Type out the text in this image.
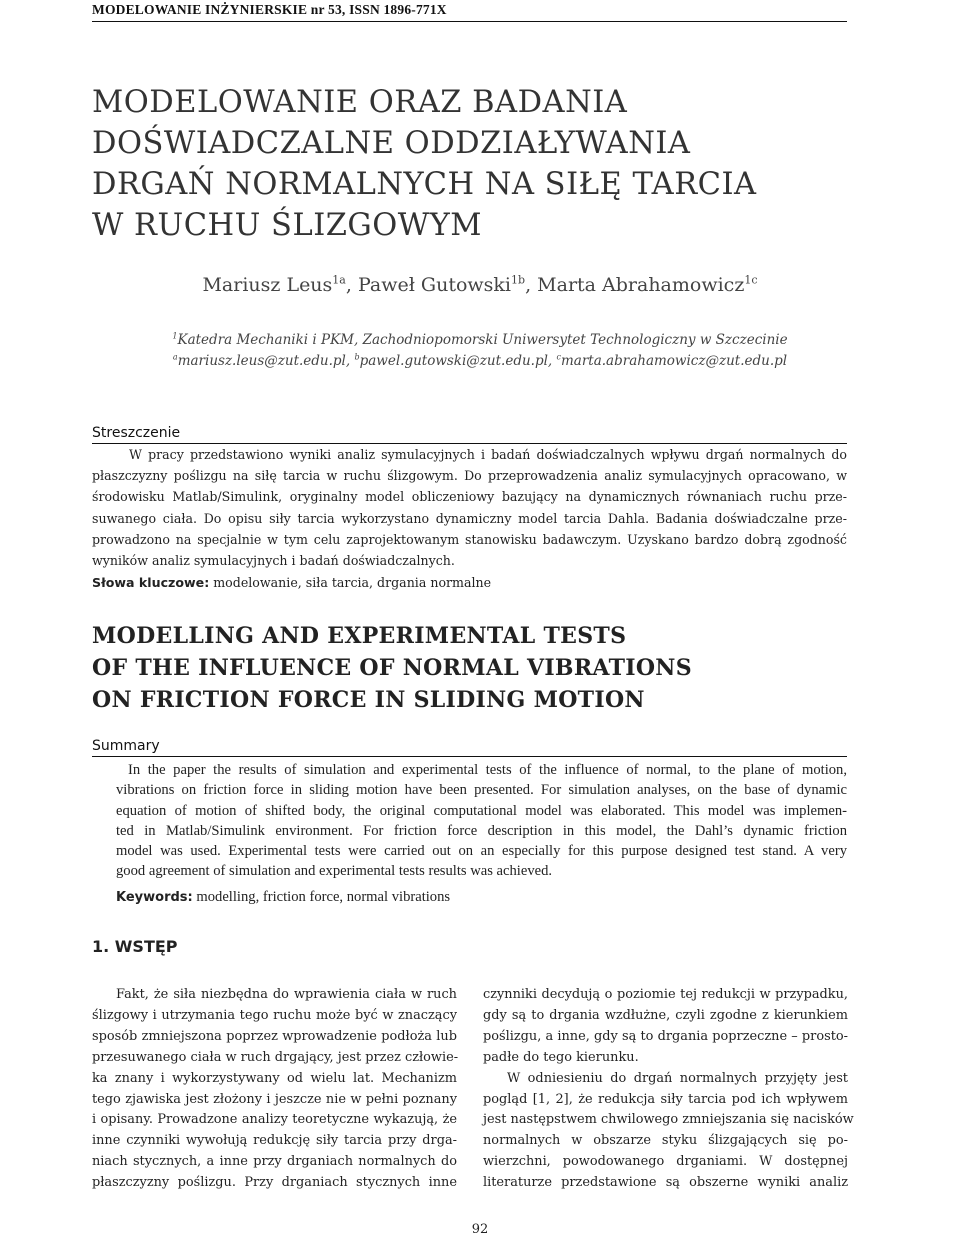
MODELOWANIE INŻYNIERSKIE nr 53, ISSN 1896-771X
MODELOWANIE ORAZ BADANIA
DOŚWIADCZALNE ODDZIAŁYWANIA
DRGAŃ NORMALNYCH NA SIŁĘ TARCIA
W RUCHU ŚLIZGOWYM
Mariusz Leus$^{1a}$, Paweł Gutowski$^{1b}$, Marta Abrahamowicz$^{1c}$
$^1$Katedra Mechaniki i PKM, Zachodniopomorski Uniwersytet Technologiczny w Szczecinie
$^a$mariusz.leus@zut.edu.pl, $^b$pawel.gutowski@zut.edu.pl, $^c$marta.abrahamowicz@zut.edu.pl
Streszczenie
W pracy przedstawiono wyniki analiz symulacyjnych i badań doświadczalnych wpływu drgań normalnych do
płaszczyzny poślizgu na siłę tarcia w ruchu ślizgowym. Do przeprowadzenia analiz symulacyjnych opracowano, w
środowisku Matlab/Simulink, oryginalny model obliczeniowy bazujący na dynamicznych równaniach ruchu prze-
suwanego ciała. Do opisu siły tarcia wykorzystano dynamiczny model tarcia Dahla. Badania doświadczalne prze-
prowadzono na specjalnie w tym celu zaprojektowanym stanowisku badawczym. Uzyskano bardzo dobrą zgodność
wyników analiz symulacyjnych i badań doświadczalnych.
Słowa kluczowe: modelowanie, siła tarcia, drgania normalne
MODELLING AND EXPERIMENTAL TESTS
OF THE INFLUENCE OF NORMAL VIBRATIONS
ON FRICTION FORCE IN SLIDING MOTION
Summary
In the paper the results of simulation and experimental tests of the influence of normal, to the plane of motion,
vibrations on friction force in sliding motion have been presented. For simulation analyses, on the base of dynamic
equation of motion of shifted body, the original computational model was elaborated. This model was implemen-
ted in Matlab/Simulink environment. For friction force description in this model, the Dahl’s dynamic friction
model was used. Experimental tests were carried out on an especially for this purpose designed test stand. A very
good agreement of simulation and experimental tests results was achieved.
Keywords: modelling, friction force, normal vibrations
1. WSTĘP
Fakt, że siła niezbędna do wprawienia ciała w ruch
ślizgowy i utrzymania tego ruchu może być w znaczący
sposób zmniejszona poprzez wprowadzenie podłoża lub
przesuwanego ciała w ruch drgający, jest przez człowie-
ka znany i wykorzystywany od wielu lat. Mechanizm
tego zjawiska jest złożony i jeszcze nie w pełni poznany
i opisany. Prowadzone analizy teoretyczne wykazują, że
inne czynniki wywołują redukcję siły tarcia przy drga-
niach stycznych, a inne przy drganiach normalnych do
płaszczyzny poślizgu. Przy drganiach stycznych inne
czynniki decydują o poziomie tej redukcji w przypadku,
gdy są to drgania wzdłużne, czyli zgodne z kierunkiem
poślizgu, a inne, gdy są to drgania poprzeczne – prosto-
padłe do tego kierunku.
W odniesieniu do drgań normalnych przyjęty jest
pogląd [1, 2], że redukcja siły tarcia pod ich wpływem
jest następstwem chwilowego zmniejszania się nacisków
normalnych w obszarze styku ślizgających się po-
wierzchni, powodowanego drganiami. W dostępnej
literaturze przedstawione są obszerne wyniki analiz
92
